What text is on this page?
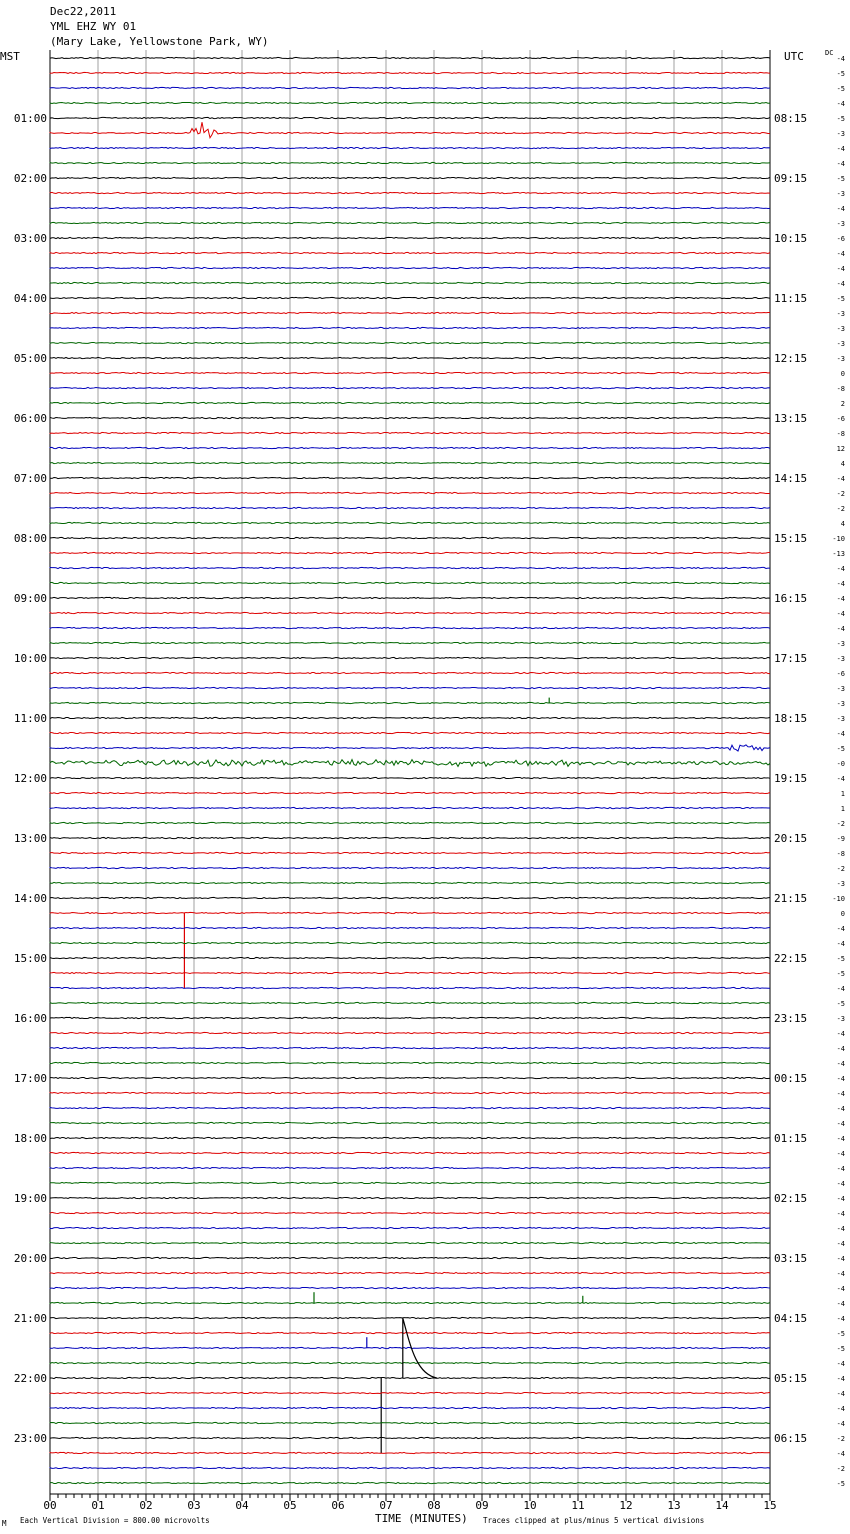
Dec22,2011
YML EHZ WY 01
(Mary Lake, Yellowstone Park, WY)
00	01	02	03	04	05	06	07	08	09	10	11	12	13	14	15
-4
-5
-5
-4
-5
-3
-4
-4
-5
-3
-4
-3
-6
-4
-4
-4
-5
-3
-3
-3
-3
0
-8
2
-6
-8
12
4
-4
-2
-2
4
-10
-13
-4
-4
-4
-4
-4
-3
-3
-6
-3
-3
-3
-4
-5
-0
-4
1
1
-2
-9
-8
-2
-3
-10
0
-4
-4
-5
-5
-4
-5
-3
-4
-4
-4
-4
-4
-4
-4
-4
-4
-4
-4
-4
-4
-4
-4
-4
-4
-4
-4
-4
-5
-5
-4
-4
-4
-4
-4
-2
-4
-2
-5
01:00	08:15
02:00	09:15
03:00	10:15
04:00	11:15
05:00	12:15
06:00	13:15
07:00	14:15
08:00	15:15
09:00	16:15
10:00	17:15
11:00	18:15
12:00	19:15
13:00	20:15
14:00	21:15
15:00	22:15
16:00	23:15
17:00	00:15
18:00	01:15
19:00	02:15
20:00	03:15
21:00	04:15
22:00	05:15
23:00	06:15
MST	UTC	DC
TIME (MINUTES)
Each Vertical Division = 800.00 microvolts	Traces clipped at plus/minus 5 vertical divisions
M
